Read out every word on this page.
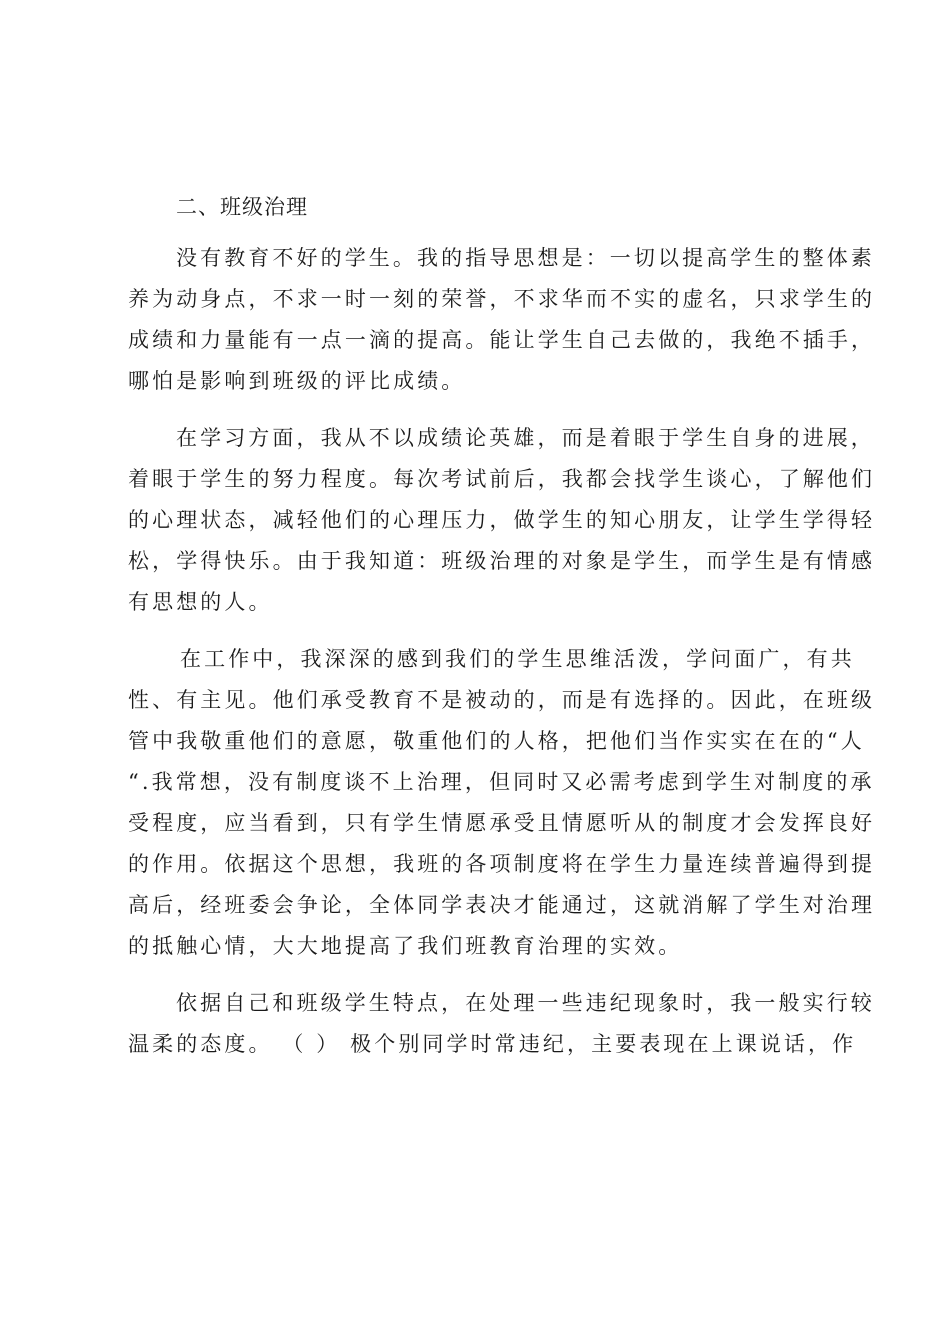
二、班级治理
没有教育不好的学生。我的指导思想是：一切以提高学生的整体素
养为动身点，不求一时一刻的荣誉，不求华而不实的虚名，只求学生的
成绩和力量能有一点一滴的提高。能让学生自己去做的，我绝不插手，
哪怕是影响到班级的评比成绩。
在学习方面，我从不以成绩论英雄，而是着眼于学生自身的进展，
着眼于学生的努力程度。每次考试前后，我都会找学生谈心，了解他们
的心理状态，减轻他们的心理压力，做学生的知心朋友，让学生学得轻
松，学得快乐。由于我知道：班级治理的对象是学生，而学生是有情感
有思想的人。
在工作中，我深深的感到我们的学生思维活泼，学问面广，有共
性、有主见。他们承受教育不是被动的，而是有选择的。因此，在班级
管中我敬重他们的意愿，敬重他们的人格，把他们当作实实在在的“人
“.我常想，没有制度谈不上治理，但同时又必需考虑到学生对制度的承
受程度，应当看到，只有学生情愿承受且情愿听从的制度才会发挥良好
的作用。依据这个思想，我班的各项制度将在学生力量连续普遍得到提
高后，经班委会争论，全体同学表决才能通过，这就消解了学生对治理
的抵触心情，大大地提高了我们班教育治理的实效。
依据自己和班级学生特点，在处理一些违纪现象时，我一般实行较
温柔的态度。 （ ） 极个别同学时常违纪，主要表现在上课说话，作
